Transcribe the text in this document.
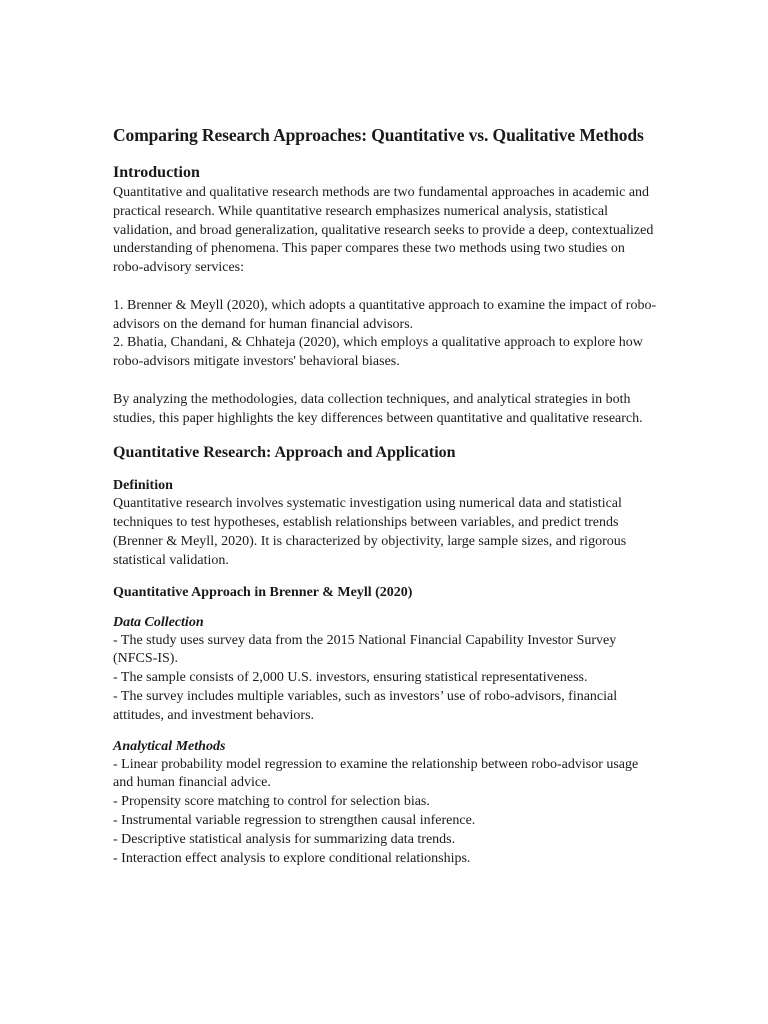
Comparing Research Approaches: Quantitative vs. Qualitative Methods
Introduction

Quantitative and qualitative research methods are two fundamental approaches in academic and practical research. While quantitative research emphasizes numerical analysis, statistical validation, and broad generalization, qualitative research seeks to provide a deep, contextualized understanding of phenomena. This paper compares these two methods using two studies on robo-advisory services:

1. Brenner & Meyll (2020), which adopts a quantitative approach to examine the impact of robo-advisors on the demand for human financial advisors.
2. Bhatia, Chandani, & Chhateja (2020), which employs a qualitative approach to explore how robo-advisors mitigate investors' behavioral biases.

By analyzing the methodologies, data collection techniques, and analytical strategies in both studies, this paper highlights the key differences between quantitative and qualitative research.

Quantitative Research: Approach and Application
Definition

Quantitative research involves systematic investigation using numerical data and statistical techniques to test hypotheses, establish relationships between variables, and predict trends (Brenner & Meyll, 2020). It is characterized by objectivity, large sample sizes, and rigorous statistical validation.

Quantitative Approach in Brenner & Meyll (2020)
Data Collection

- The study uses survey data from the 2015 National Financial Capability Investor Survey (NFCS-IS).
- The sample consists of 2,000 U.S. investors, ensuring statistical representativeness.
- The survey includes multiple variables, such as investors’ use of robo-advisors, financial attitudes, and investment behaviors.

Analytical Methods

- Linear probability model regression to examine the relationship between robo-advisor usage and human financial advice.
- Propensity score matching to control for selection bias.
- Instrumental variable regression to strengthen causal inference.
- Descriptive statistical analysis for summarizing data trends.
- Interaction effect analysis to explore conditional relationships.
